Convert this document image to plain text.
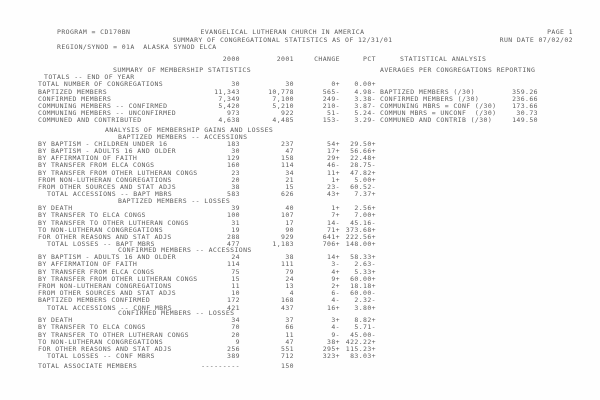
PROGRAM = CD170BN	EVANGELICAL LUTHERAN CHURCH IN AMERICA	PAGE 1
SUMMARY OF CONGREGATIONAL STATISTICS AS OF 12/31/01	RUN DATE 07/02/02
REGION/SYNOD = 01A  ALASKA SYNOD ELCA
2000	2001	CHANGE	PCT	STATISTICAL ANALYSIS
SUMMARY OF MEMBERSHIP STATISTICS
TOTALS -- END OF YEAR
TOTAL NUMBER OF CONGREGATIONS	30	30	0+	0.00+
BAPTIZED MEMBERS	11,343	10,778	565-	4.98-
CONFIRMED MEMBERS	7,349	7,100	249-	3.38-
COMMUNING MEMBERS -- CONFIRMED	5,420	5,210	210-	3.87-
COMMUNING MEMBERS -- UNCONFIRMED	973	922	51-	5.24-
COMMUNED AND CONTRIBUTED	4,638	4,485	153-	3.29-
AVERAGES PER CONGREGATIONS REPORTING
BAPTIZED MEMBERS (/30)	359.26
CONFIRMED MEMBERS (/30)	236.66
COMMUNING MBRS = CONF (/30)	173.66
COMMUN MBRS = UNCONF  (/30)	30.73
COMMUNED AND CONTRIB (/30)	149.50
ANALYSIS OF MEMBERSHIP GAINS AND LOSSES
BAPTIZED MEMBERS -- ACCESSIONS
BY BAPTISM - CHILDREN UNDER 16	183	237	54+	29.50+
BY BAPTISM - ADULTS 16 AND OLDER	30	47	17+	56.66+
BY AFFIRMATION OF FAITH	129	158	29+	22.48+
BY TRANSFER FROM ELCA CONGS	160	114	46-	28.75-
BY TRANSFER FROM OTHER LUTHERAN CONGS	23	34	11+	47.82+
FROM NON-LUTHERAN CONGREGATIONS	20	21	1+	5.00+
FROM OTHER SOURCES AND STAT ADJS	38	15	23-	60.52-
TOTAL ACCESSIONS -- BAPT MBRS	583	626	43+	7.37+
BAPTIZED MEMBERS -- LOSSES
BY DEATH	39	40	1+	2.56+
BY TRANSFER TO ELCA CONGS	100	107	7+	7.00+
BY TRANSFER TO OTHER LUTHERAN CONGS	31	17	14-	45.16-
TO NON-LUTHERAN CONGREGATIONS	19	90	71+ 373.68+
FOR OTHER REASONS AND STAT ADJS	288	929	641+ 222.56+
TOTAL LOSSES -- BAPT MBRS	477	1,183	706+ 148.00+
CONFIRMED MEMBERS -- ACCESSIONS
BY BAPTISM - ADULTS 16 AND OLDER	24	38	14+	58.33+
BY AFFIRMATION OF FAITH	114	111	3-	2.63-
BY TRANSFER FROM ELCA CONGS	75	79	4+	5.33+
BY TRANSFER FROM OTHER LUTHERAN CONGS	15	24	9+	60.00+
FROM NON-LUTHERAN CONGREGATIONS	11	13	2+	18.18+
FROM OTHER SOURCES AND STAT ADJS	10	4	6-	60.00-
BAPTIZED MEMBERS CONFIRMED	172	168	4-	2.32-
TOTAL ACCESSIONS -- CONF MBRS	421	437	16+	3.80+
CONFIRMED MEMBERS -- LOSSES
BY DEATH	34	37	3+	8.82+
BY TRANSFER TO ELCA CONGS	70	66	4-	5.71-
BY TRANSFER TO OTHER LUTHERAN CONGS	20	11	9-	45.00-
TO NON-LUTHERAN CONGREGATIONS	9	47	38+ 422.22+
FOR OTHER REASONS AND STAT ADJS	256	551	295+ 115.23+
TOTAL LOSSES -- CONF MBRS	389	712	323+	83.03+
TOTAL ASSOCIATE MEMBERS	---------	150
